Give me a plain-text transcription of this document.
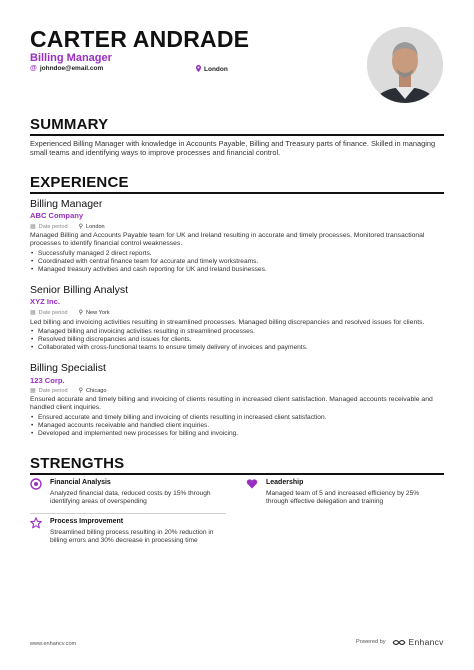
CARTER ANDRADE
Billing Manager
@ johndoe@email.com	London
SUMMARY
Experienced Billing Manager with knowledge in Accounts Payable, Billing and Treasury parts of finance. Skilled in managing small teams and identifying ways to improve processes and financial control.
EXPERIENCE
Billing Manager
ABC Company
▦ Date period ⚲ London
Managed Billing and Accounts Payable team for UK and Ireland resulting in accurate and timely processes. Monitored transactional processes to identify financial control weaknesses.
• Successfully managed 2 direct reports.
• Coordinated with central finance team for accurate and timely workstreams.
• Managed treasury activities and cash reporting for UK and Ireland businesses.
Senior Billing Analyst
XYZ Inc.
▦ Date period ⚲ New York
Led billing and invoicing activities resulting in streamlined processes. Managed billing discrepancies and resolved issues for clients.
• Managed billing and invoicing activities resulting in streamlined processes.
• Resolved billing discrepancies and issues for clients.
• Collaborated with cross-functional teams to ensure timely delivery of invoices and payments.
Billing Specialist
123 Corp.
▦ Date period ⚲ Chicago
Ensured accurate and timely billing and invoicing of clients resulting in increased client satisfaction. Managed accounts receivable and handled client inquiries.
• Ensured accurate and timely billing and invoicing of clients resulting in increased client satisfaction.
• Managed accounts receivable and handled client inquiries.
• Developed and implemented new processes for billing and invoicing.
STRENGTHS
Financial Analysis
Analyzed financial data, reduced costs by 15% through identifying areas of overspending
Leadership
Managed team of 5 and increased efficiency by 25% through effective delegation and training
Process Improvement
Streamlined billing process resulting in 20% reduction in billing errors and 30% decrease in processing time
www.enhancv.com	Powered by	Enhancv
